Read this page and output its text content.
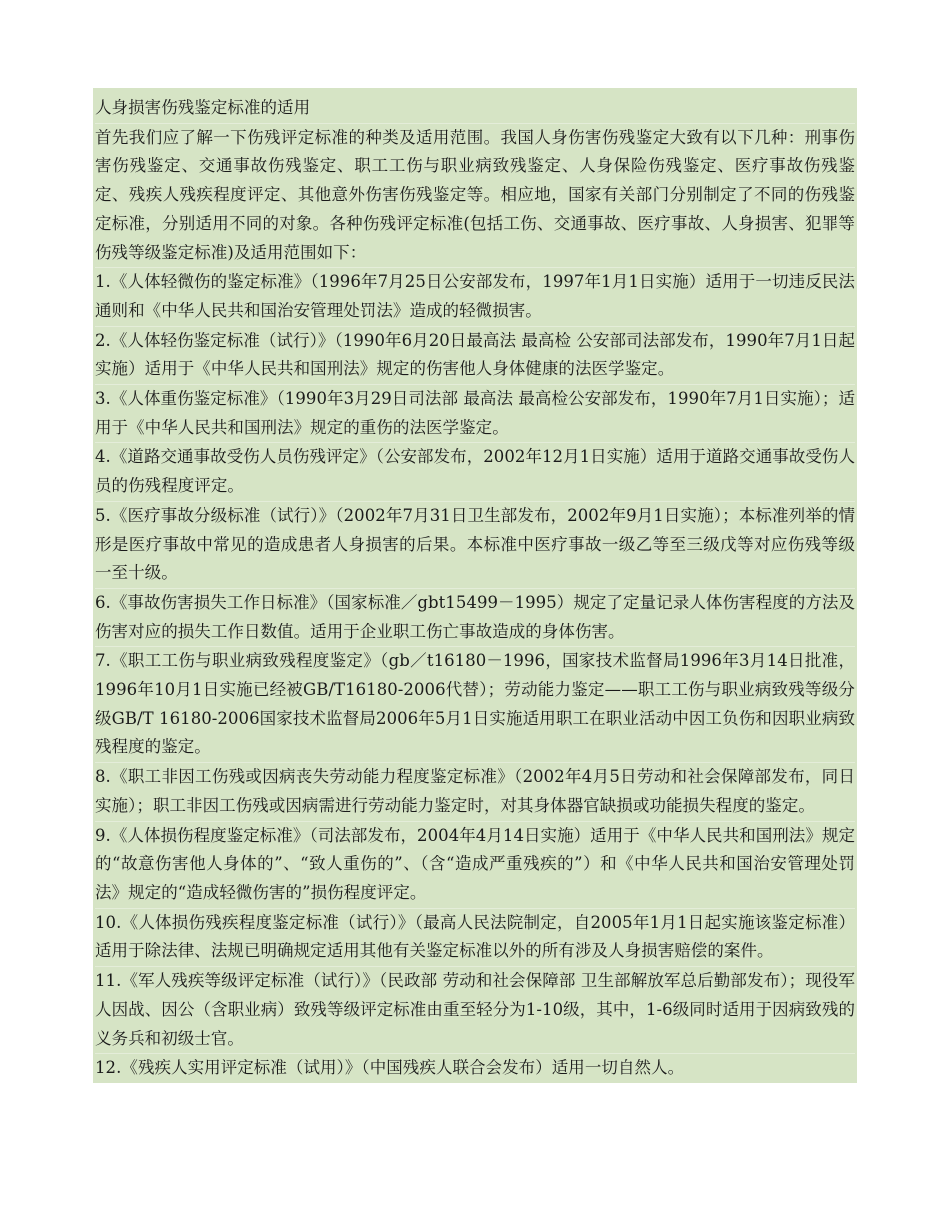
人身损害伤残鉴定标准的适用

首先我们应了解一下伤残评定标准的种类及适用范围。我国人身伤害伤残鉴定大致有以下几种：刑事伤害伤残鉴定、交通事故伤残鉴定、职工工伤与职业病致残鉴定、人身保险伤残鉴定、医疗事故伤残鉴定、残疾人残疾程度评定、其他意外伤害伤残鉴定等。相应地，国家有关部门分别制定了不同的伤残鉴定标准，分别适用不同的对象。各种伤残评定标准(包括工伤、交通事故、医疗事故、人身损害、犯罪等伤残等级鉴定标准)及适用范围如下：

1.《人体轻微伤的鉴定标准》（1996年7月25日公安部发布，1997年1月1日实施）适用于一切违反民法通则和《中华人民共和国治安管理处罚法》造成的轻微损害。

2.《人体轻伤鉴定标准（试行）》（1990年6月20日最高法 最高检 公安部司法部发布，1990年7月1日起实施）适用于《中华人民共和国刑法》规定的伤害他人身体健康的法医学鉴定。

3.《人体重伤鉴定标准》（1990年3月29日司法部 最高法 最高检公安部发布，1990年7月1日实施）；适用于《中华人民共和国刑法》规定的重伤的法医学鉴定。

4.《道路交通事故受伤人员伤残评定》（公安部发布，2002年12月1日实施）适用于道路交通事故受伤人员的伤残程度评定。

5.《医疗事故分级标准（试行）》（2002年7月31日卫生部发布，2002年9月1日实施）；本标准列举的情形是医疗事故中常见的造成患者人身损害的后果。本标准中医疗事故一级乙等至三级戊等对应伤残等级一至十级。

6.《事故伤害损失工作日标准》（国家标准／gbt15499－1995）规定了定量记录人体伤害程度的方法及伤害对应的损失工作日数值。适用于企业职工伤亡事故造成的身体伤害。

7.《职工工伤与职业病致残程度鉴定》（gb／t16180－1996，国家技术监督局1996年3月14日批准，1996年10月1日实施已经被GB/T16180-2006代替）；劳动能力鉴定——职工工伤与职业病致残等级分级GB/T 16180-2006国家技术监督局2006年5月1日实施适用职工在职业活动中因工负伤和因职业病致残程度的鉴定。

8.《职工非因工伤残或因病丧失劳动能力程度鉴定标准》（2002年4月5日劳动和社会保障部发布，同日实施）；职工非因工伤残或因病需进行劳动能力鉴定时，对其身体器官缺损或功能损失程度的鉴定。

9.《人体损伤程度鉴定标准》（司法部发布，2004年4月14日实施）适用于《中华人民共和国刑法》规定的“故意伤害他人身体的”、“致人重伤的”、（含“造成严重残疾的”）和《中华人民共和国治安管理处罚法》规定的“造成轻微伤害的”损伤程度评定。

10.《人体损伤残疾程度鉴定标准（试行）》（最高人民法院制定，自2005年1月1日起实施该鉴定标准）适用于除法律、法规已明确规定适用其他有关鉴定标准以外的所有涉及人身损害赔偿的案件。

11.《军人残疾等级评定标准（试行）》（民政部 劳动和社会保障部 卫生部解放军总后勤部发布）；现役军人因战、因公（含职业病）致残等级评定标准由重至轻分为1-10级，其中，1-6级同时适用于因病致残的义务兵和初级士官。

12.《残疾人实用评定标准（试用）》（中国残疾人联合会发布）适用一切自然人。
